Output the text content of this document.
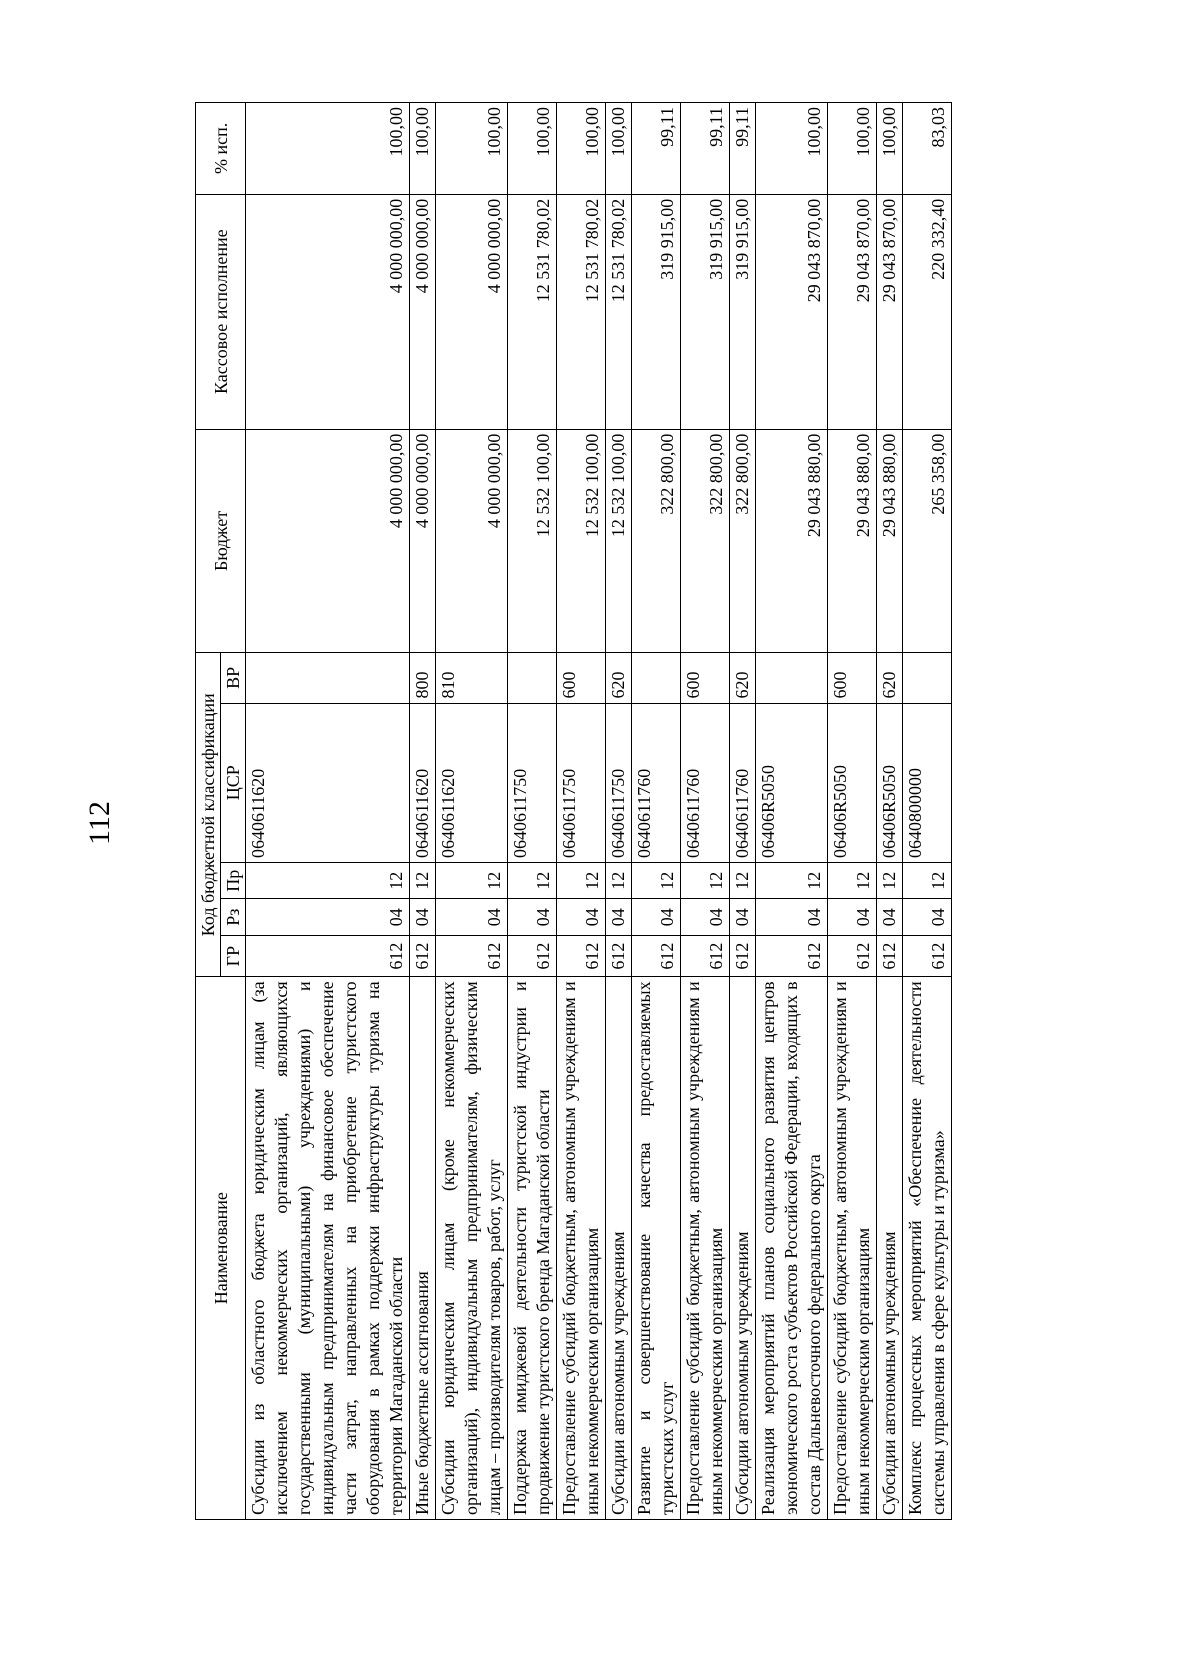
112
Наименование	Код бюджетной классификации					Бюджет	Кассовое исполнение	% исп.
	ГР	Рз	Пр	ЦСР	ВР			
Субсидии из областного бюджета юридическим лицам (за исключением некоммерческих организаций, являющихся государственными (муниципальными) учреждениями) и индивидуальным предпринимателям на финансовое обеспечение части затрат, направленных на приобретение туристского оборудования в рамках поддержки инфраструктуры туризма на территории Магаданской области	612	04	12	0640611620		4 000 000,00	4 000 000,00	100,00
Иные бюджетные ассигнования	612	04	12	0640611620	800	4 000 000,00	4 000 000,00	100,00
Субсидии юридическим лицам (кроме некоммерческих организаций), индивидуальным предпринимателям, физическим лицам – производителям товаров, работ, услуг	612	04	12	0640611620	810	4 000 000,00	4 000 000,00	100,00
Поддержка имиджевой деятельности туристской индустрии и продвижение туристского бренда Магаданской области	612	04	12	0640611750		12 532 100,00	12 531 780,02	100,00
Предоставление субсидий бюджетным, автономным учреждениям и иным некоммерческим организациям	612	04	12	0640611750	600	12 532 100,00	12 531 780,02	100,00
Субсидии автономным учреждениям	612	04	12	0640611750	620	12 532 100,00	12 531 780,02	100,00
Развитие и совершенствование качества предоставляемых туристских услуг	612	04	12	0640611760		322 800,00	319 915,00	99,11
Предоставление субсидий бюджетным, автономным учреждениям и иным некоммерческим организациям	612	04	12	0640611760	600	322 800,00	319 915,00	99,11
Субсидии автономным учреждениям	612	04	12	0640611760	620	322 800,00	319 915,00	99,11
Реализация мероприятий планов социального развития центров экономического роста субъектов Российской Федерации, входящих в состав Дальневосточного федерального округа	612	04	12	06406R5050		29 043 880,00	29 043 870,00	100,00
Предоставление субсидий бюджетным, автономным учреждениям и иным некоммерческим организациям	612	04	12	06406R5050	600	29 043 880,00	29 043 870,00	100,00
Субсидии автономным учреждениям	612	04	12	06406R5050	620	29 043 880,00	29 043 870,00	100,00
Комплекс процессных мероприятий «Обеспечение деятельности системы управления в сфере культуры и туризма»	612	04	12	0640800000		265 358,00	220 332,40	83,03
